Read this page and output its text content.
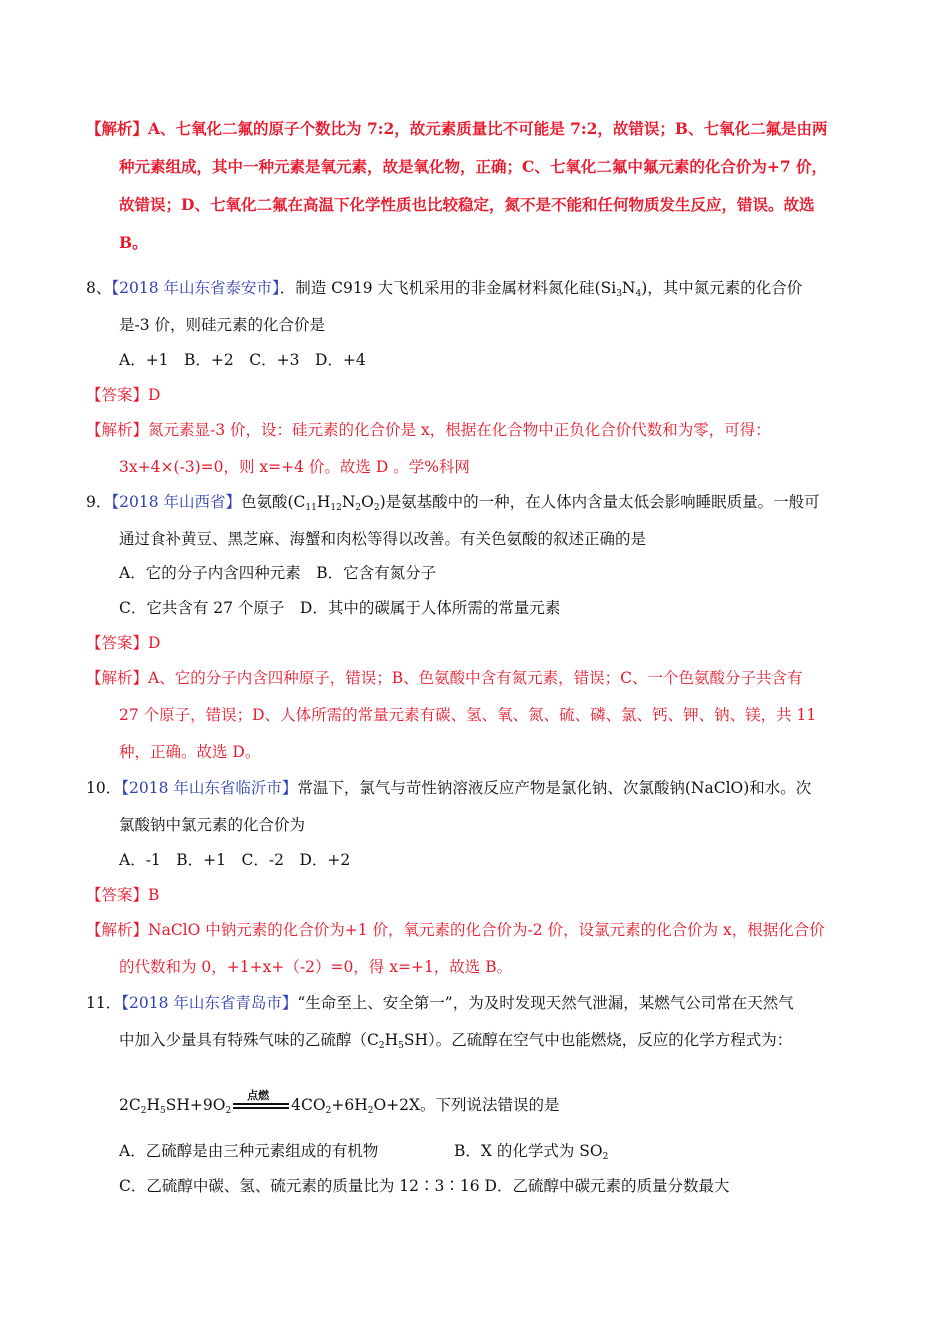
【解析】A、七氧化二氟的原子个数比为 7:2，故元素质量比不可能是 7:2，故错误；B、七氧化二氟是由两
种元素组成，其中一种元素是氧元素，故是氧化物，正确；C、七氧化二氟中氟元素的化合价为+7 价，
故错误；D、七氧化二氟在高温下化学性质也比较稳定，氮不是不能和任何物质发生反应，错误。故选
B。
8、【2018 年山东省泰安市】．制造 C919 大飞机采用的非金属材料氮化硅$(Si_3N_4)$，其中氮元素的化合价
是-3 价，则硅元素的化合价是
A．+1　B．+2　C．+3　D．+4
【答案】D
【解析】氮元素显-3 价，设：硅元素的化合价是 x，根据在化合物中正负化合价代数和为零，可得：
3x+4×(-3)=0，则 x=+4 价。故选 D 。学%科网
9．【2018 年山西省】色氨酸$(C_{11}H_{12}N_2O_2)$是氨基酸中的一种，在人体内含量太低会影响睡眠质量。一般可
通过食补黄豆、黑芝麻、海蟹和肉松等得以改善。有关色氨酸的叙述正确的是
A．它的分子内含四种元素　B．它含有氮分子
C．它共含有 27 个原子　D．其中的碳属于人体所需的常量元素
【答案】D
【解析】A、它的分子内含四种原子，错误；B、色氨酸中含有氮元素，错误；C、一个色氨酸分子共含有
27 个原子，错误；D、人体所需的常量元素有碳、氢、氧、氮、硫、磷、氯、钙、钾、钠、镁，共 11
种，正确。故选 D。
10．【2018 年山东省临沂市】常温下，氯气与苛性钠溶液反应产物是氯化钠、次氯酸钠(NaClO)和水。次
氯酸钠中氯元素的化合价为
A．-1　B．+1　C．-2　D．+2
【答案】B
【解析】NaClO 中钠元素的化合价为+1 价，氧元素的化合价为-2 价，设氯元素的化合价为 x，根据化合价
的代数和为 0，+1+x+（-2）=0，得 x=+1，故选 B。
11．【2018 年山东省青岛市】“生命至上、安全第一”，为及时发现天然气泄漏，某燃气公司常在天然气
中加入少量具有特殊气味的乙硫醇$(C_2H_5SH)$。乙硫醇在空气中也能燃烧，反应的化学方程式为：
$2C_2H_5SH+9O_2$
点燃
$4CO_2+6H_2O+2X$。下列说法错误的是
A．乙硫醇是由三种元素组成的有机物	B．X 的化学式为 $SO_2$
C．乙硫醇中碳、氢、硫元素的质量比为 12∶3∶16 D．乙硫醇中碳元素的质量分数最大
